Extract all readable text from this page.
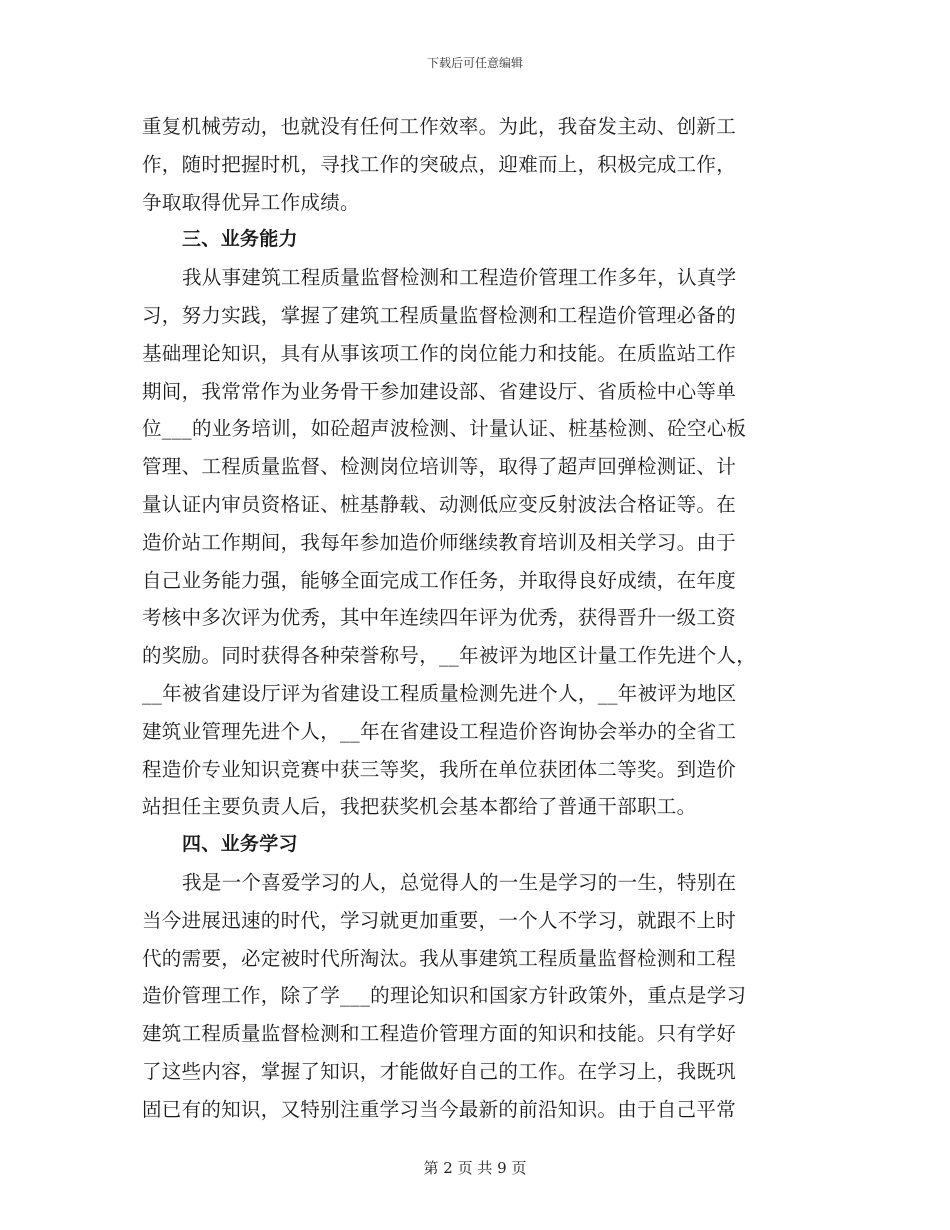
下载后可任意编辑
重复机械劳动，也就没有任何工作效率。为此，我奋发主动、创新工
作，随时把握时机，寻找工作的突破点，迎难而上，积极完成工作，
争取取得优异工作成绩。
三、业务能力
我从事建筑工程质量监督检测和工程造价管理工作多年，认真学
习，努力实践，掌握了建筑工程质量监督检测和工程造价管理必备的
基础理论知识，具有从事该项工作的岗位能力和技能。在质监站工作
期间，我常常作为业务骨干参加建设部、省建设厅、省质检中心等单
位___的业务培训，如砼超声波检测、计量认证、桩基检测、砼空心板
管理、工程质量监督、检测岗位培训等，取得了超声回弹检测证、计
量认证内审员资格证、桩基静载、动测低应变反射波法合格证等。在
造价站工作期间，我每年参加造价师继续教育培训及相关学习。由于
自己业务能力强，能够全面完成工作任务，并取得良好成绩，在年度
考核中多次评为优秀，其中年连续四年评为优秀，获得晋升一级工资
的奖励。同时获得各种荣誉称号，__年被评为地区计量工作先进个人，
__年被省建设厅评为省建设工程质量检测先进个人，__年被评为地区
建筑业管理先进个人，__年在省建设工程造价咨询协会举办的全省工
程造价专业知识竞赛中获三等奖，我所在单位获团体二等奖。到造价
站担任主要负责人后，我把获奖机会基本都给了普通干部职工。
四、业务学习
我是一个喜爱学习的人，总觉得人的一生是学习的一生，特别在
当今进展迅速的时代，学习就更加重要，一个人不学习，就跟不上时
代的需要，必定被时代所淘汰。我从事建筑工程质量监督检测和工程
造价管理工作，除了学___的理论知识和国家方针政策外，重点是学习
建筑工程质量监督检测和工程造价管理方面的知识和技能。只有学好
了这些内容，掌握了知识，才能做好自己的工作。在学习上，我既巩
固已有的知识，又特别注重学习当今最新的前沿知识。由于自己平常
第 2 页 共 9 页
